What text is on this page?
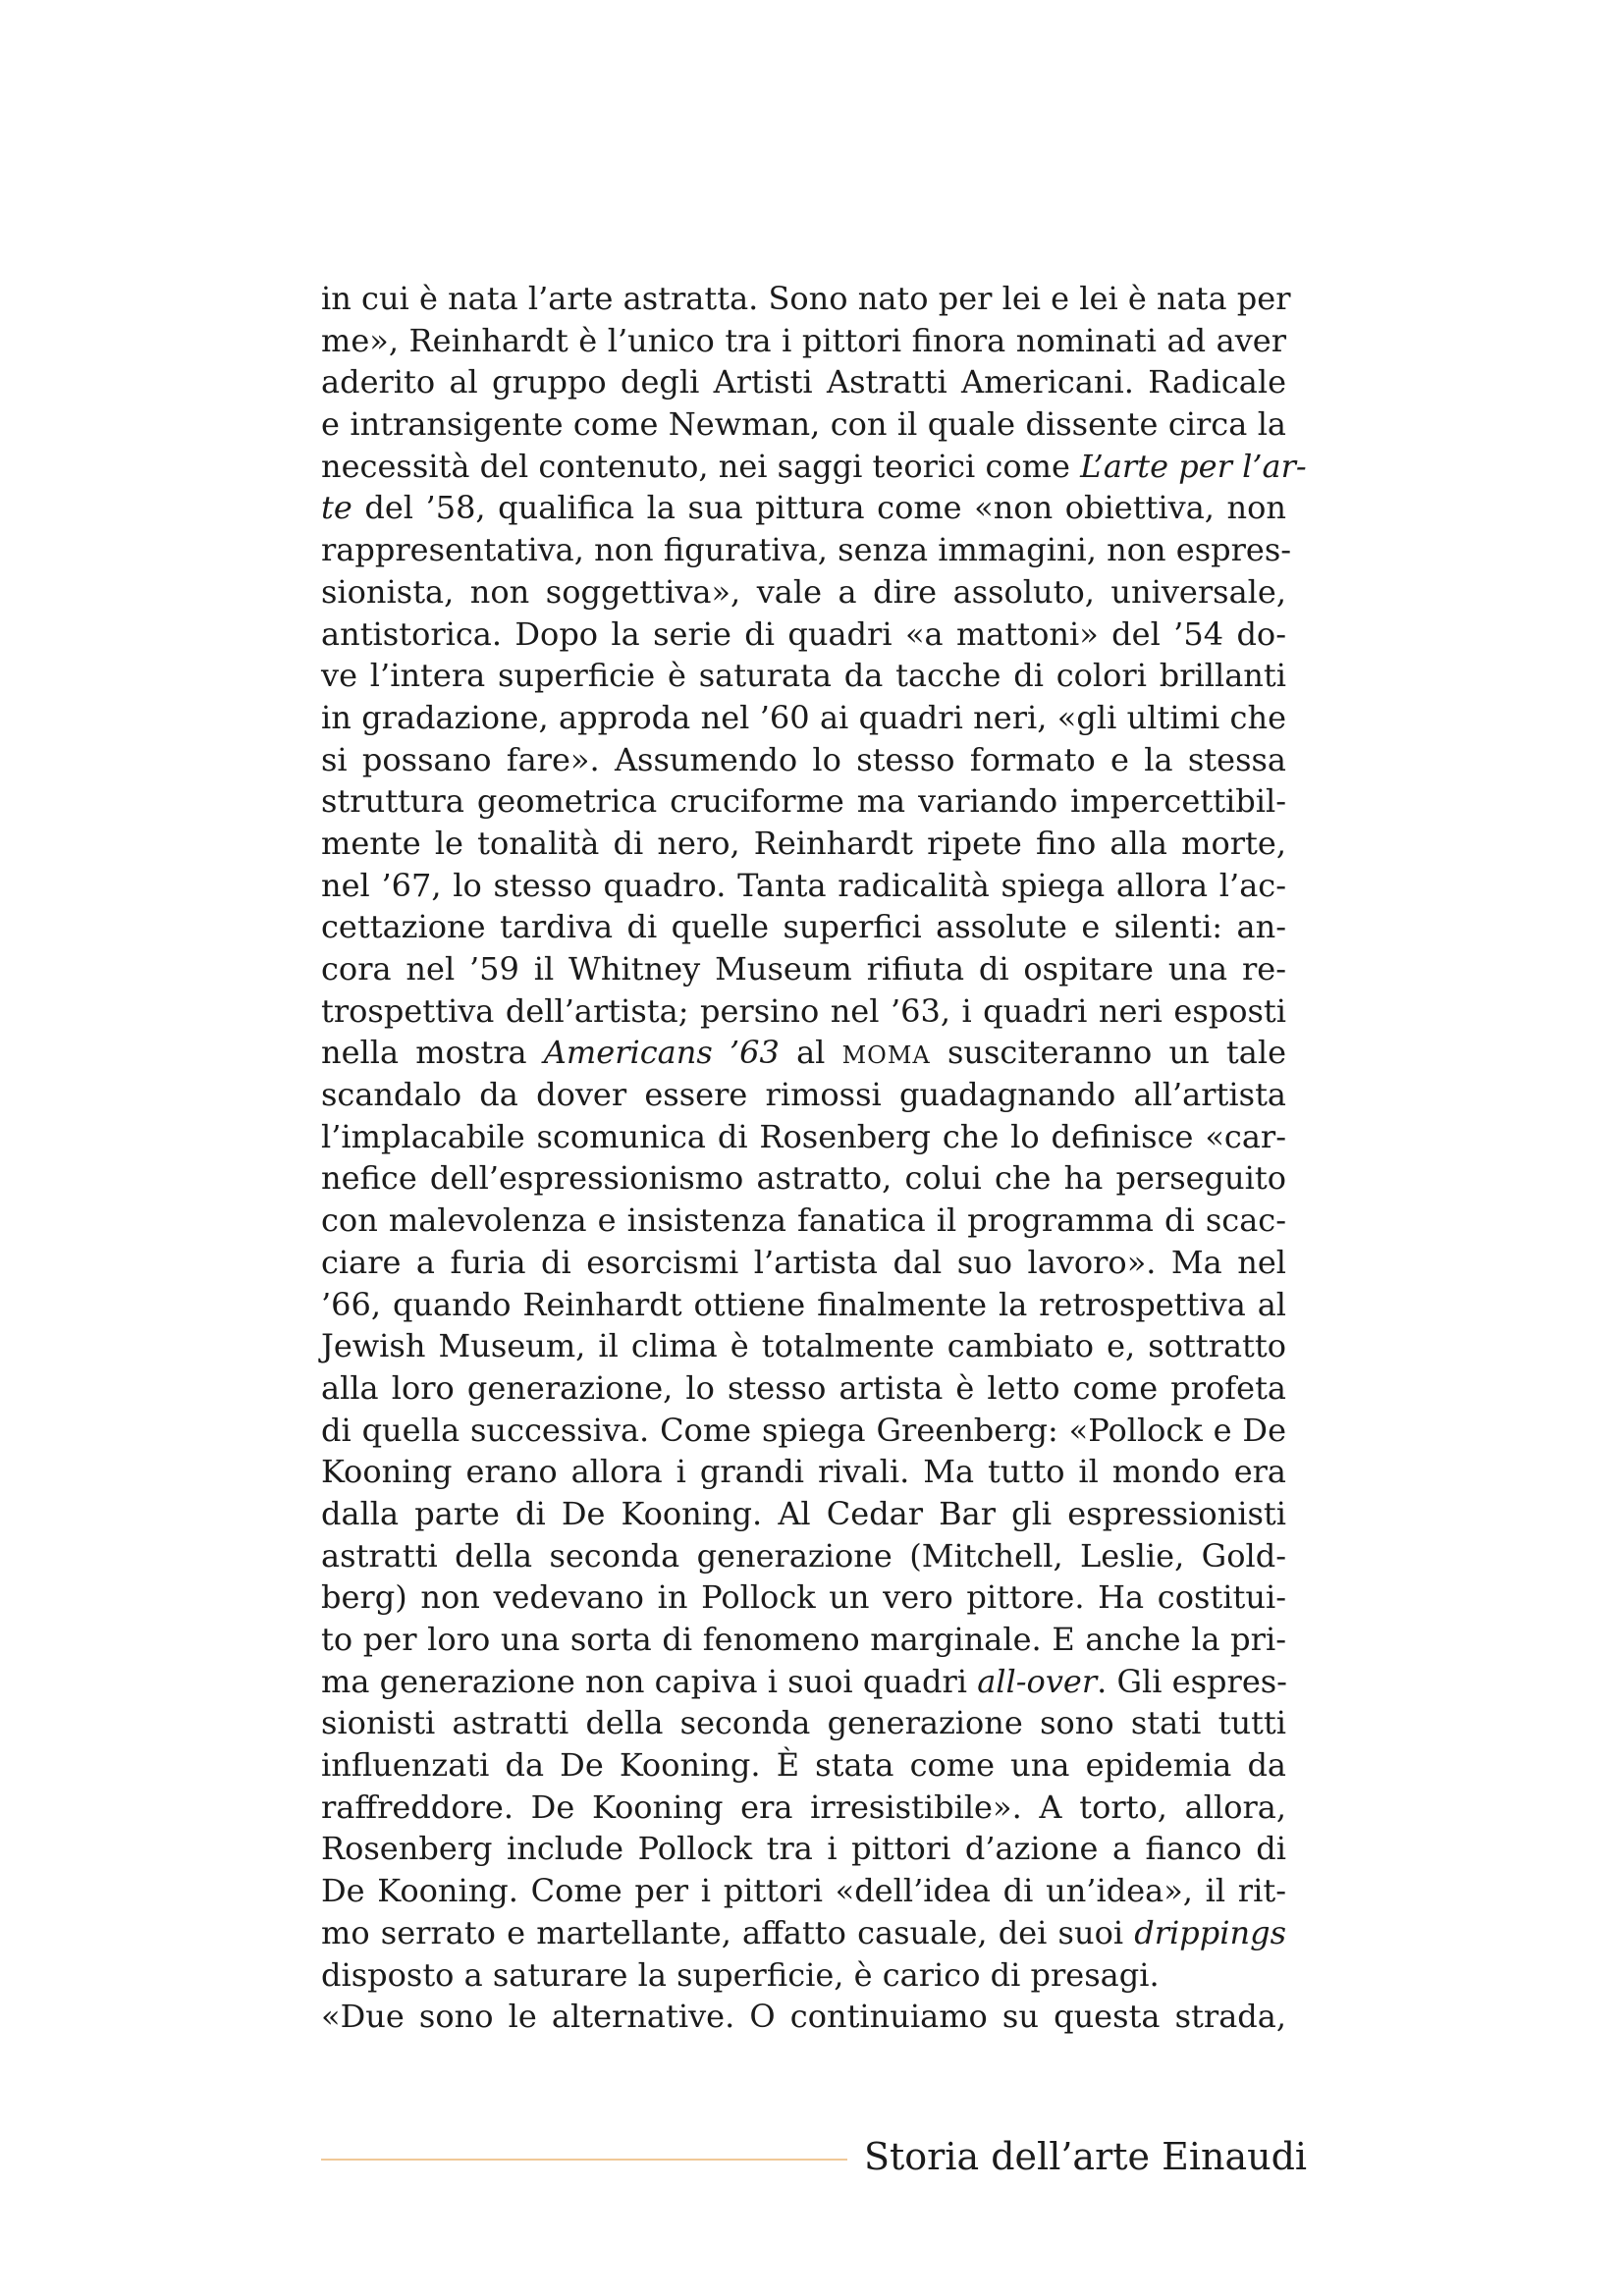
in cui è nata l’arte astratta. Sono nato per lei e lei è nata per
me», Reinhardt è l’unico tra i pittori finora nominati ad aver
aderito al gruppo degli Artisti Astratti Americani. Radicale
e intransigente come Newman, con il quale dissente circa la
necessità del contenuto, nei saggi teorici come L’arte per l’ar-
te del ’58, qualifica la sua pittura come «non obiettiva, non
rappresentativa, non figurativa, senza immagini, non espres-
sionista, non soggettiva», vale a dire assoluto, universale,
antistorica. Dopo la serie di quadri «a mattoni» del ’54 do-
ve l’intera superficie è saturata da tacche di colori brillanti
in gradazione, approda nel ’60 ai quadri neri, «gli ultimi che
si possano fare». Assumendo lo stesso formato e la stessa
struttura geometrica cruciforme ma variando impercettibil-
mente le tonalità di nero, Reinhardt ripete fino alla morte,
nel ’67, lo stesso quadro. Tanta radicalità spiega allora l’ac-
cettazione tardiva di quelle superfici assolute e silenti: an-
cora nel ’59 il Whitney Museum rifiuta di ospitare una re-
trospettiva dell’artista; persino nel ’63, i quadri neri esposti
nella mostra Americans ’63 al MOMA susciteranno un tale
scandalo da dover essere rimossi guadagnando all’artista
l’implacabile scomunica di Rosenberg che lo definisce «car-
nefice dell’espressionismo astratto, colui che ha perseguito
con malevolenza e insistenza fanatica il programma di scac-
ciare a furia di esorcismi l’artista dal suo lavoro». Ma nel
’66, quando Reinhardt ottiene finalmente la retrospettiva al
Jewish Museum, il clima è totalmente cambiato e, sottratto
alla loro generazione, lo stesso artista è letto come profeta
di quella successiva. Come spiega Greenberg: «Pollock e De
Kooning erano allora i grandi rivali. Ma tutto il mondo era
dalla parte di De Kooning. Al Cedar Bar gli espressionisti
astratti della seconda generazione (Mitchell, Leslie, Gold-
berg) non vedevano in Pollock un vero pittore. Ha costitui-
to per loro una sorta di fenomeno marginale. E anche la pri-
ma generazione non capiva i suoi quadri all-over. Gli espres-
sionisti astratti della seconda generazione sono stati tutti
influenzati da De Kooning. È stata come una epidemia da
raffreddore. De Kooning era irresistibile». A torto, allora,
Rosenberg include Pollock tra i pittori d’azione a fianco di
De Kooning. Come per i pittori «dell’idea di un’idea», il rit-
mo serrato e martellante, affatto casuale, dei suoi drippings
disposto a saturare la superficie, è carico di presagi.
«Due sono le alternative. O continuiamo su questa strada,
Storia dell’arte Einaudi
